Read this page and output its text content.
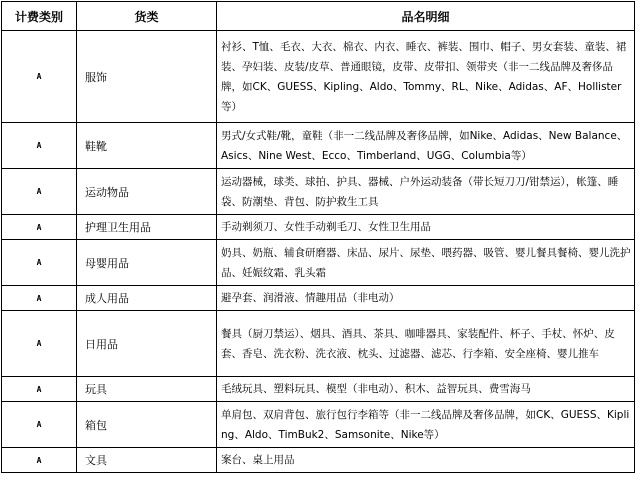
计费类别	货类	品名明细
A	服饰	衬衫、T恤、毛衣、大衣、棉衣、内衣、睡衣、裤装、围巾、帽子、男女套装、童装、裙装、孕妇装、皮装/皮草、普通眼镜，皮带、皮带扣、领带夹（非一二线品牌及奢侈品牌，如CK、GUESS、Kipling、Aldo、Tommy、RL、Nike、Adidas、AF、Hollister等）
A	鞋靴	男式/女式鞋/靴，童鞋（非一二线品牌及奢侈品牌，如Nike、Adidas、New Balance、Asics、Nine West、Ecco、Timberland、UGG、Columbia等）
A	运动物品	运动器械，球类、球拍、护具、器械、户外运动装备（带长短刀刀/钳禁运），帐篷、睡袋、防潮垫、背包、防护救生工具
A	护理卫生用品	手动剃须刀、女性手动剃毛刀、女性卫生用品
A	母婴用品	奶具、奶瓶、辅食研磨器、床品、尿片、尿垫、喂药器、吸管、婴儿餐具餐椅、婴儿洗护品、妊娠纹霜、乳头霜
A	成人用品	避孕套、润滑液、情趣用品（非电动）
A	日用品	餐具（厨刀禁运）、烟具、酒具、茶具、咖啡器具、家装配件、杯子、手杖、怀炉、皮套、香皂、洗衣粉、洗衣液、枕头、过滤器、滤芯、行李箱、安全座椅、婴儿推车
A	玩具	毛绒玩具、塑料玩具、模型（非电动）、积木、益智玩具、费雪海马
A	箱包	单肩包、双肩背包、旅行包行李箱等（非一二线品牌及奢侈品牌，如CK、GUESS、Kipling、Aldo、TimBuk2、Samsonite、Nike等）
A	文具	案台、桌上用品
